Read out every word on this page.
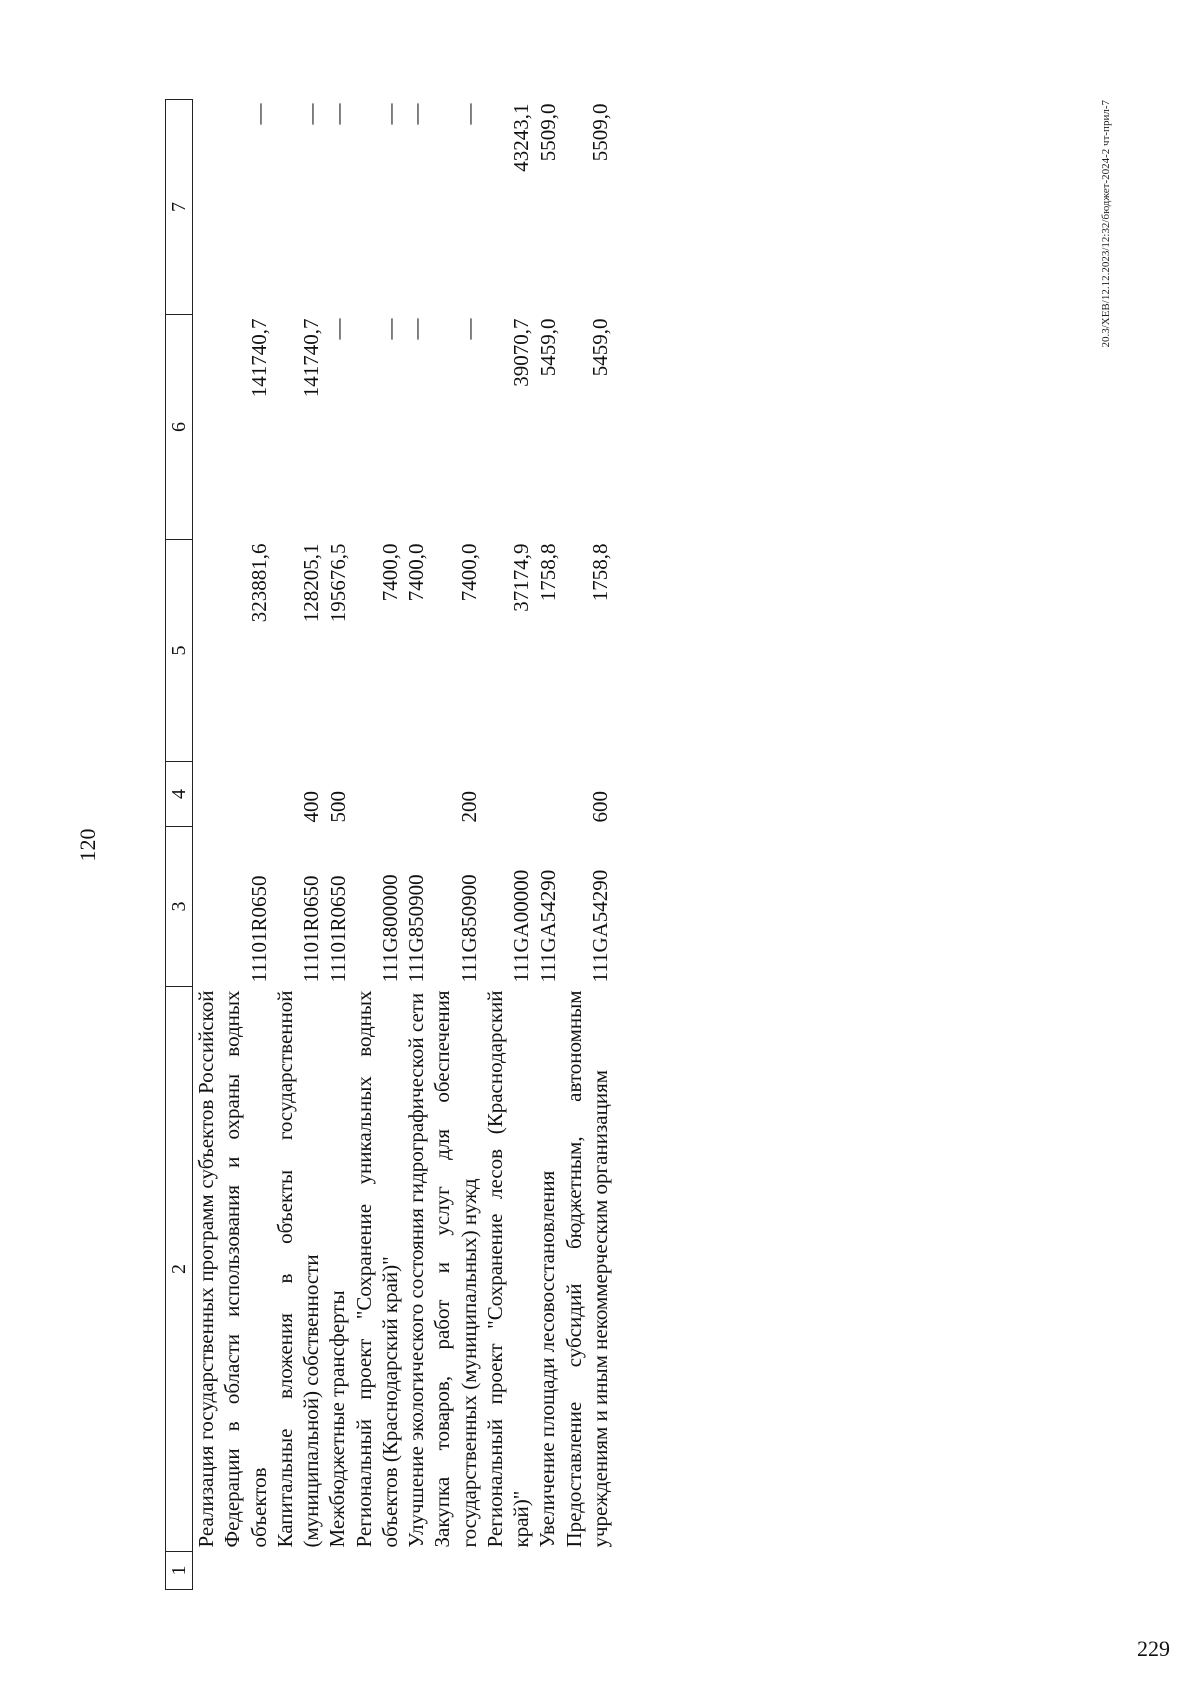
229
120
1	2	3	4	5	6	7
	Реализация государственных программ субъектов Российской Федерации в области использования и охраны водных объектов	11101R0650		323881,6	141740,7	—
	Капитальные вложения в объекты государственной (муниципальной) собственности	11101R0650	400	128205,1	141740,7	—
	Межбюджетные трансферты	11101R0650	500	195676,5	—	—
	Региональный проект "Сохранение уникальных водных объектов (Краснодарский край)"	111G800000		7400,0	—	—
	Улучшение экологического состояния гидрографической сети	111G850900		7400,0	—	—
	Закупка товаров, работ и услуг для обеспечения государственных (муниципальных) нужд	111G850900	200	7400,0	—	—
	Региональный проект "Сохранение лесов (Краснодарский край)"	111GA00000		37174,9	39070,7	43243,1
	Увеличение площади лесовосстановления	111GA54290		1758,8	5459,0	5509,0
	Предоставление субсидий бюджетным, автономным учреждениям и иным некоммерческим организациям	111GA54290	600	1758,8	5459,0	5509,0	20.3/XEB/12.12.2023/12:32/бюджет-2024-2 чт-прил-7
